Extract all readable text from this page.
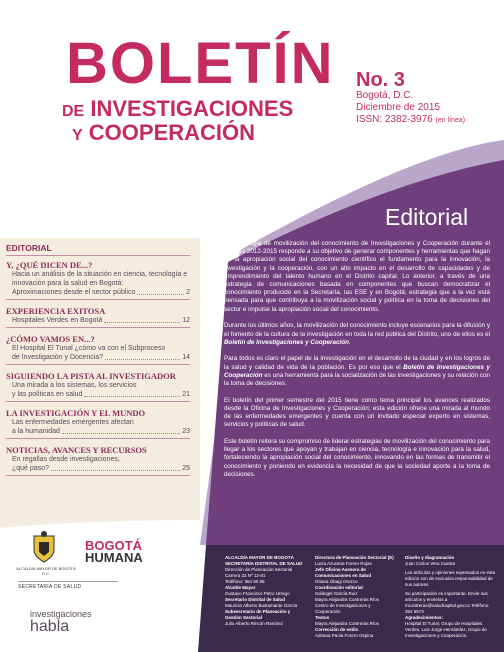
BOLETÍN
DE INVESTIGACIONES
Y COOPERACIÓN
No. 3
Bogotá, D.C.
Diciembre de 2015
ISSN: 2382-3976 (en línea)
Editorial
EDITORIAL
Y, ¿QUÉ DICEN DE...?
Hacia un análisis de la situación en ciencia, tecnología e innovación para la salud en Bogotá:
Aproximaciones desde el sector público	2
EXPERIENCIA EXITOSA
Hospitales Verdes en Bogotá	12
¿CÓMO VAMOS EN...?
El Hospital El Tunal ¿cómo va con el Subproceso
de Investigación y Docencia?	14
SIGUIENDO LA PISTA AL INVESTIGADOR
Una mirada a los sistemas, los servicios
y las políticas en salud	21
LA INVESTIGACIÓN Y EL MUNDO
Las enfermedades emergentes afectan
a la humanidad	23
NOTICIAS, AVANCES Y RECURSOS
En regallas desde investigaciones,
¿qué paso?	25

La estrategia de movilización del conocimiento de Investigaciones y Cooperación durante el periodo 2012-2015 responde a su objetivo de generar componentes y herramientas que hagan de la apropiación social del conocimiento científico el fundamento para la innovación, la investigación y la cooperación, con un alto impacto en el desarrollo de capacidades y de emprendimiento del talento humano en el Distrito capital. Lo anterior, a través de una estrategia de comunicaciones basada en componentes que buscan democratizar el conocimiento producido en la Secretaría, las ESE y en Bogotá; estrategia que a la vez está pensada para que contribuya a la movilización social y política en la toma de decisiones del sector e impulse la apropiación social del conocimiento.

Durante los últimos años, la movilización del conocimiento incluye escenarios para la difusión y el fomento de la cultura de la investigación en toda la red pública del Distrito, uno de ellos es el Boletín de Investigaciones y Cooperación.

Para todos es claro el papel de la investigación en el desarrollo de la ciudad y en los logros de la salud y calidad de vida de la población. Es por eso que el Boletín de Investigaciones y Cooperación es una herramienta para la socialización de las investigaciones y su relación con la toma de decisiones.

El boletín del primer semestre del 2015 tiene como tema principal los avances realizados desde la Oficina de Investigaciones y Cooperación; esta edición ofrece una mirada al mundo de las enfermedades emergentes y cuenta con un invitado especial experto en sistemas, servicios y políticas de salud.

Este boletín reitera su compromiso de liderar estrategias de movilización del conocimiento para llegar a los sectores que apoyan y trabajan en ciencia, tecnología e innovación para la salud, fortaleciendo la apropiación social del conocimiento, innovando en las formas de transmitir el conocimiento y poniendo en evidencia la necesidad de que la sociedad aporte a la toma de decisiones.

ALCALDÍA MAYOR DE BOGOTÁ D.C.
BOGOTÁ
HUMANA
SECRETARÍA DE SALUD
investigaciones
habla
ALCALDÍA MAYOR DE BOGOTÁ SECRETARÍA DISTRITAL DE SALUD
Dirección de Planeación Sectorial
Carrera 32 Nº 12-81
Teléfono: 364 90 85
Alcalde Mayor
Gustavo Francisco Petro Urrego
Secretario Distrital de Salud
Mauricio Alberto Bustamante García
Subsecretario de Planeación y Gestión Sectorial
Julio Alberto Rincón Ramírez
Directora de Planeación Sectorial (E)
Lucía Azucena Forero Rojas
Jefe Oficina Asesora de Comunicaciones en Salud
Oriana Obagi Orozco
Coordinación editorial
Solángel García Ruiz
Mayra Alejandra Contreras Ríos
Centro de Investigaciones y Cooperación
Textos
Mayra Alejandra Contreras Ríos
Corrección de estilo
Adriana Paola Forero Ospina
Diseño y diagramación
Juan Carlos Vera Cuesta
Los artículos y opiniones expresados en esta edición son de exclusiva responsabilidad de sus autores.
Su participación es importante. Envíe sus artículos y envíelos a mcontreras@saludcapital.gov.co Teléfono: 364 9573
Agradecimientos:
Hospital El Tunal, Grupo de Hospitales Verdes, Luis Jorge Hernández, Grupo de Investigaciones y Cooperación.
